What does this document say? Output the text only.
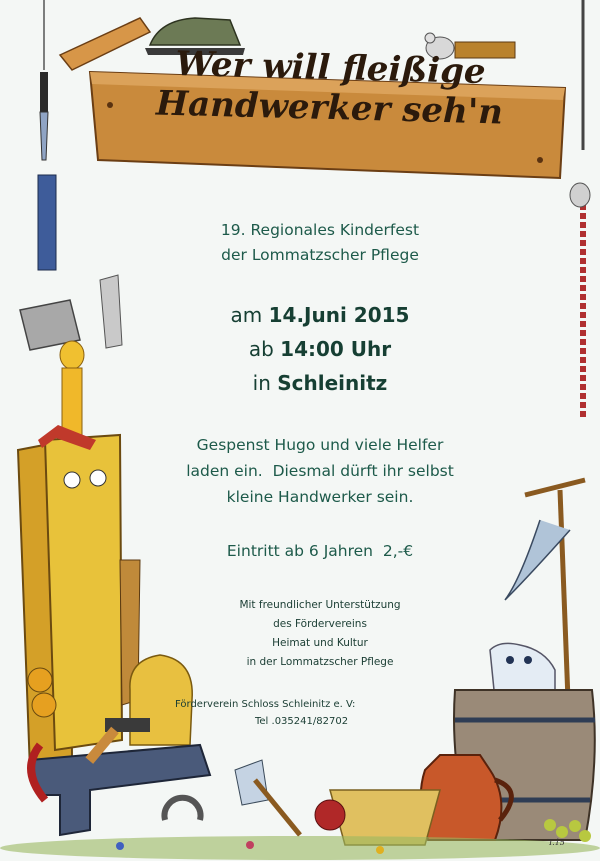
Wer will fleißige
Handwerker seh'n
19. Regionales Kinderfest
der Lommatzscher Pflege
am 14.Juni 2015
ab 14:00 Uhr
in Schleinitz
Gespenst Hugo und viele Helfer
laden ein.  Diesmal dürft ihr selbst
kleine Handwerker sein.
Eintritt ab 6 Jahren  2,-€
Mit freundlicher Unterstützung
des Fördervereins
Heimat und Kultur
in der Lommatzscher Pflege
Förderverein Schloss Schleinitz e. V:
Tel .035241/82702
T.15
